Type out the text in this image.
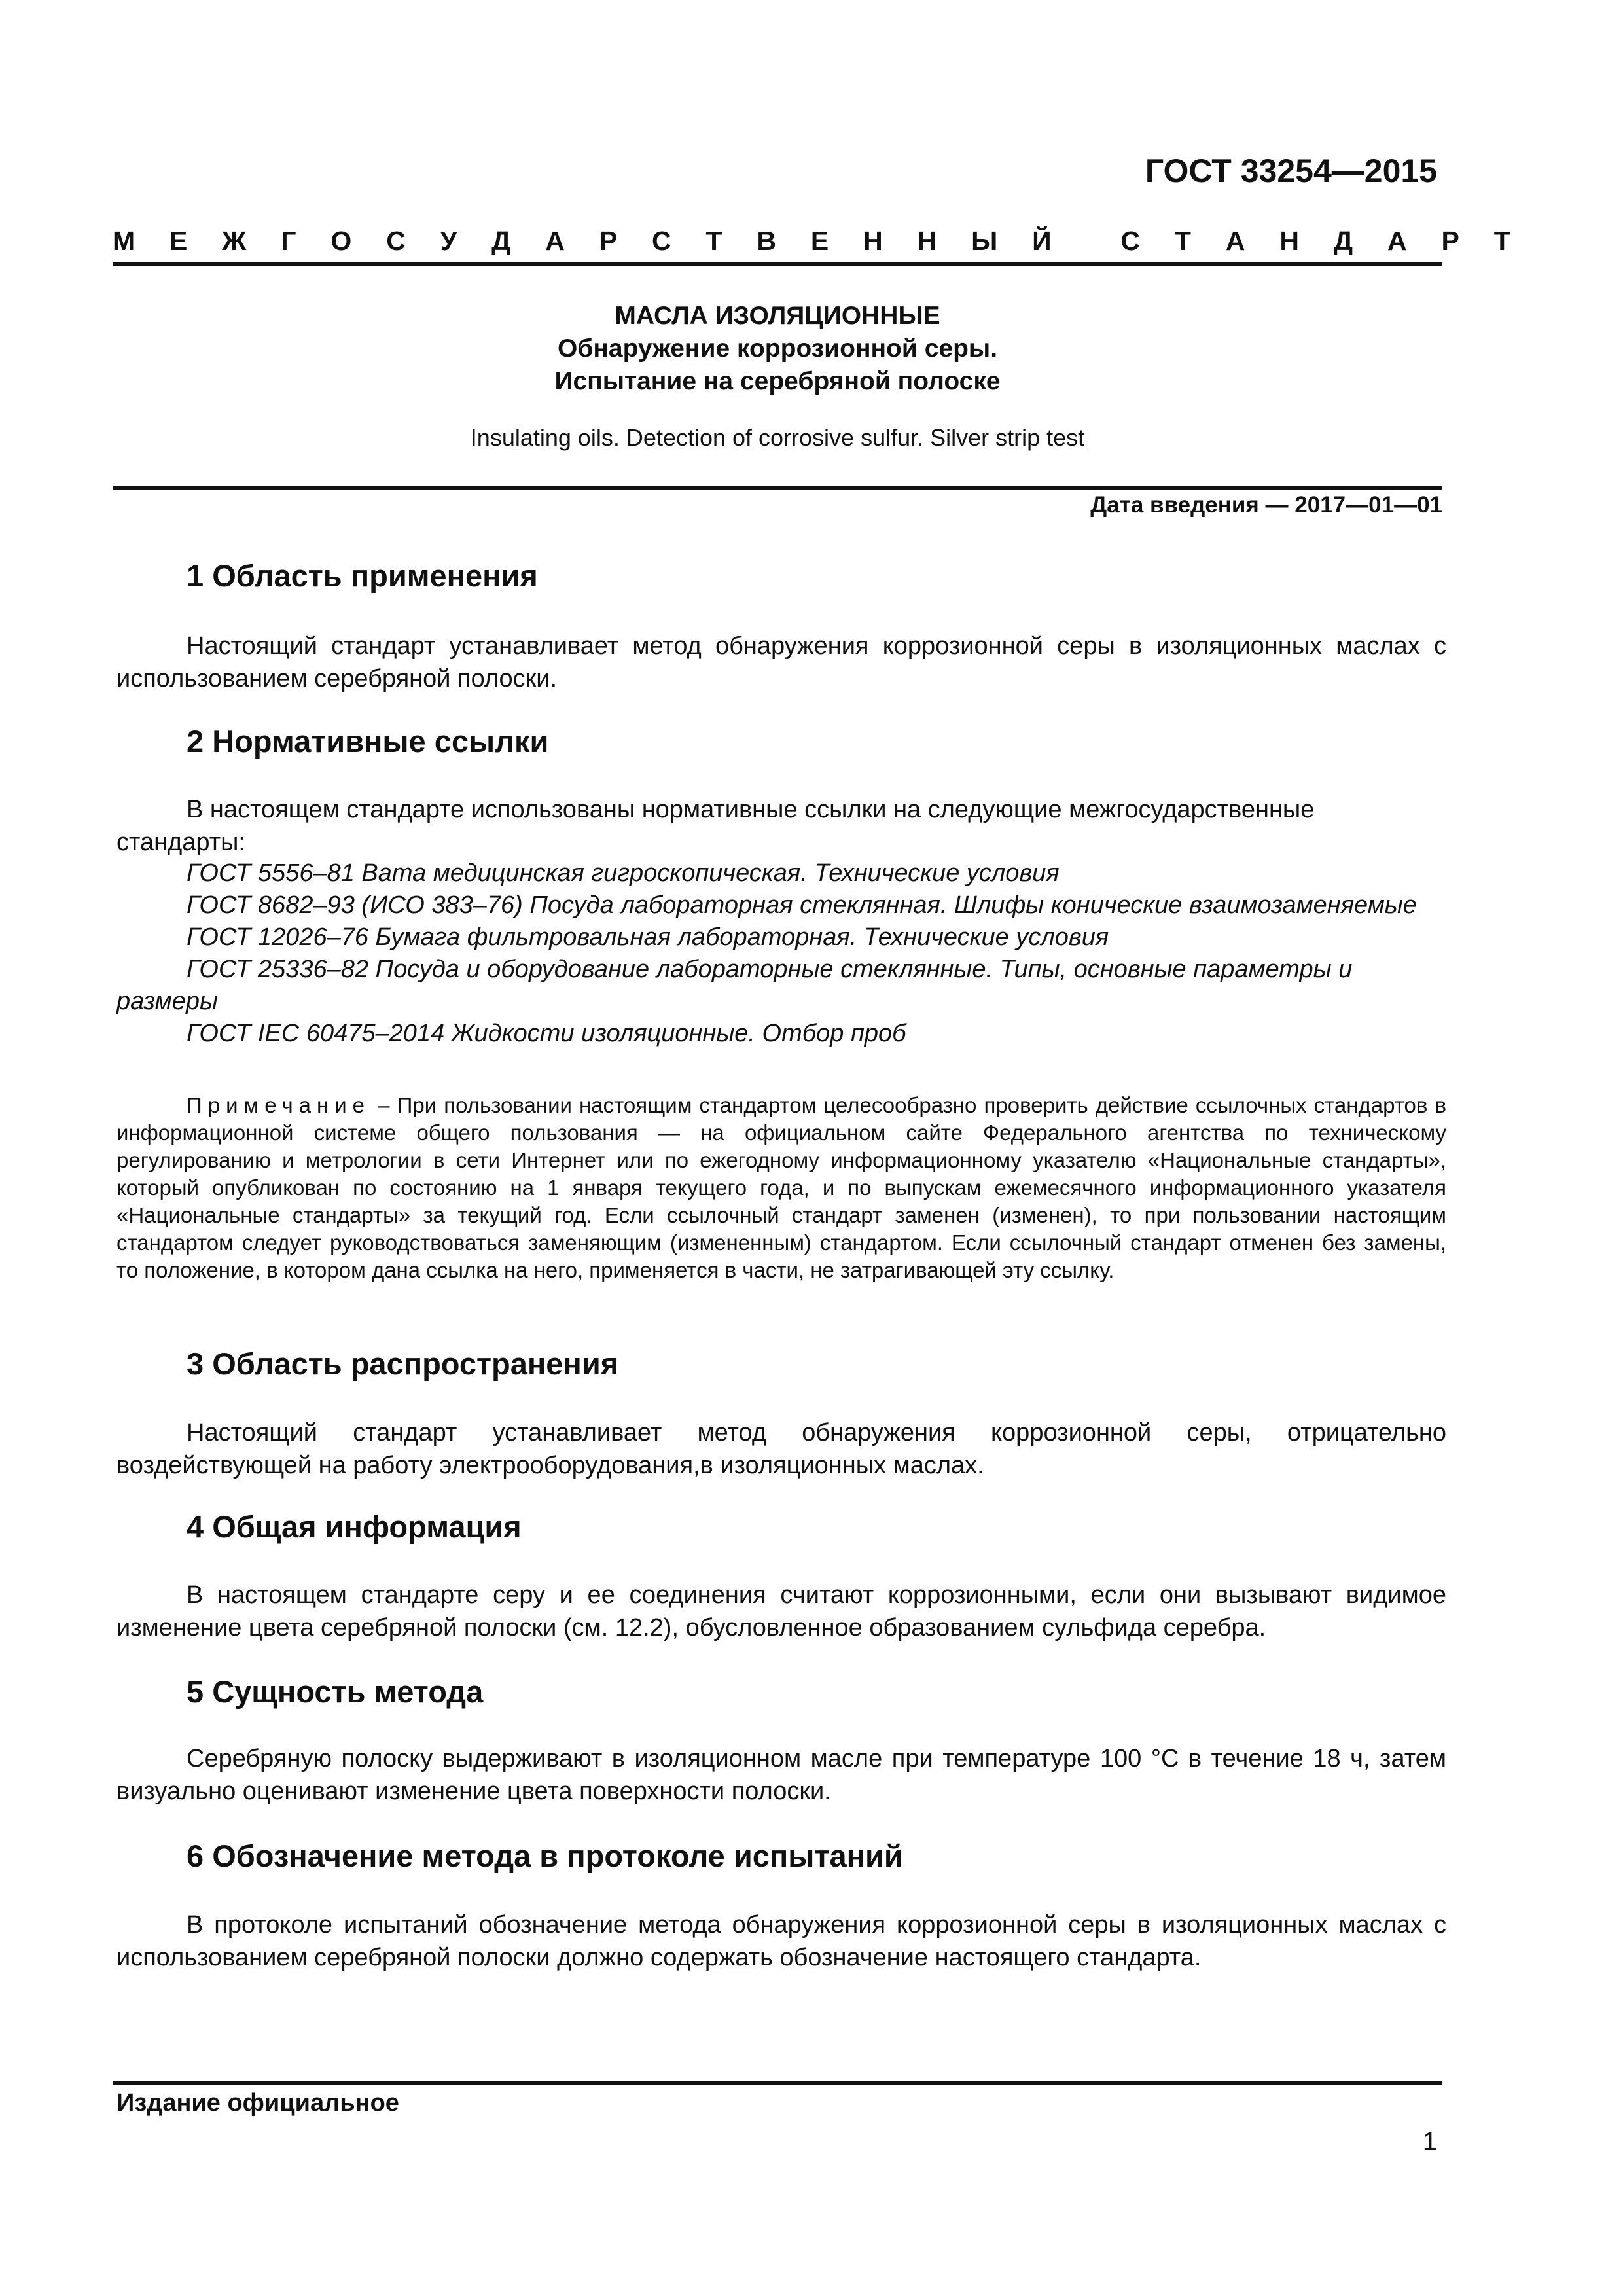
ГОСТ 33254—2015
М Е Ж Г О С У Д А Р С Т В Е Н Н Ы Й	С Т А Н Д А Р Т
МАСЛА ИЗОЛЯЦИОННЫЕ
Обнаружение коррозионной серы.
Испытание на серебряной полоске
Insulating oils. Detection of corrosive sulfur. Silver strip test
Дата введения — 2017—01—01
1 Область применения

Настоящий стандарт устанавливает метод обнаружения коррозионной серы в изоляционных маслах с использованием серебряной полоски.

2 Нормативные ссылки

В настоящем стандарте использованы нормативные ссылки на следующие межгосударственные стандарты:

ГОСТ 5556–81 Вата медицинская гигроскопическая. Технические условия
ГОСТ 8682–93 (ИСО 383–76) Посуда лабораторная стеклянная. Шлифы конические взаимозаменяемые
ГОСТ 12026–76 Бумага фильтровальная лабораторная. Технические условия
ГОСТ 25336–82 Посуда и оборудование лабораторные стеклянные. Типы, основные параметры и размеры
ГОСТ IEC 60475–2014 Жидкости изоляционные. Отбор проб

Примечание – При пользовании настоящим стандартом целесообразно проверить действие ссылочных стандартов в информационной системе общего пользования — на официальном сайте Федерального агентства по техническому регулированию и метрологии в сети Интернет или по ежегодному информационному указателю «Национальные стандарты», который опубликован по состоянию на 1 января текущего года, и по выпускам ежемесячного информационного указателя «Национальные стандарты» за текущий год. Если ссылочный стандарт заменен (изменен), то при пользовании настоящим стандартом следует руководствоваться заменяющим (измененным) стандартом. Если ссылочный стандарт отменен без замены, то положение, в котором дана ссылка на него, применяется в части, не затрагивающей эту ссылку.

3 Область распространения

Настоящий стандарт устанавливает метод обнаружения коррозионной серы, отрицательно воздействующей на работу электрооборудования,в изоляционных маслах.

4 Общая информация

В настоящем стандарте серу и ее соединения считают коррозионными, если они вызывают видимое изменение цвета серебряной полоски (см. 12.2), обусловленное образованием сульфида серебра.

5 Сущность метода

Серебряную полоску выдерживают в изоляционном масле при температуре 100 °С в течение 18 ч, затем визуально оценивают изменение цвета поверхности полоски.

6 Обозначение метода в протоколе испытаний

В протоколе испытаний обозначение метода обнаружения коррозионной серы в изоляционных маслах с использованием серебряной полоски должно содержать обозначение настоящего стандарта.

Издание официальное
1
